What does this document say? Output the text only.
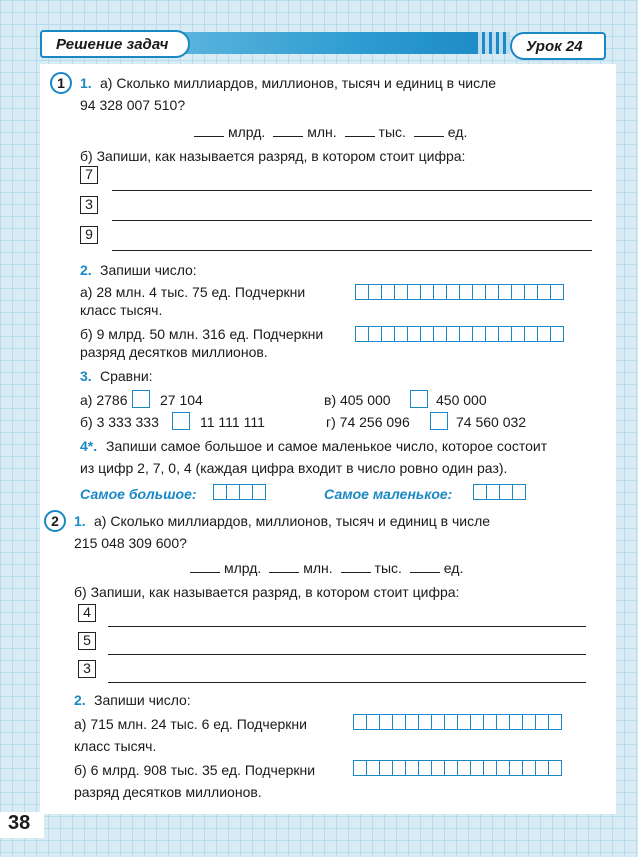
Решение задач	Урок 24
1	1. а) Сколько миллиардов, миллионов, тысяч и единиц в числе
94 328 007 510?
млрд.	млн.	тыс.	ед.
б) Запиши, как называется разряд, в котором стоит цифра:
7
3
9
2. Запиши число:
а) 28 млн. 4 тыс. 75 ед. Подчеркни
класс тысяч.
б) 9 млрд. 50 млн. 316 ед. Подчеркни
разряд десятков миллионов.
3. Сравни:
а) 2786 27 104	в) 405 000	450 000
б) 3 333 333	11 111 111	г) 74 256 096	74 560 032
4*. Запиши самое большое и самое маленькое число, которое состоит
из цифр 2, 7, 0, 4 (каждая цифра входит в число ровно один раз).
Самое большое:	Самое маленькое:
2	1. а) Сколько миллиардов, миллионов, тысяч и единиц в числе
215 048 309 600?
млрд.	млн.	тыс.	ед.
б) Запиши, как называется разряд, в котором стоит цифра:
4
5
3
2. Запиши число:
а) 715 млн. 24 тыс. 6 ед. Подчеркни
класс тысяч.
б) 6 млрд. 908 тыс. 35 ед. Подчеркни
разряд десятков миллионов.
38
